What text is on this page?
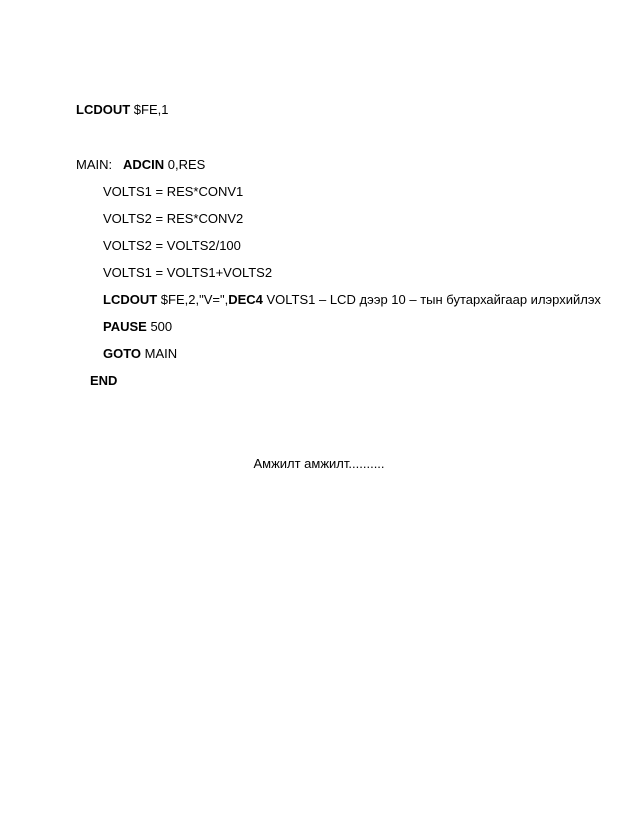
LCDOUT $FE,1
MAIN:   ADCIN 0,RES
VOLTS1 = RES*CONV1
VOLTS2 = RES*CONV2
VOLTS2 = VOLTS2/100
VOLTS1 = VOLTS1+VOLTS2
LCDOUT $FE,2,"V=",DEC4 VOLTS1 – LCD дээр 10 – тын бутархайгаар илэрхийлэх
PAUSE 500
GOTO MAIN
END
Амжилт амжилт..........
